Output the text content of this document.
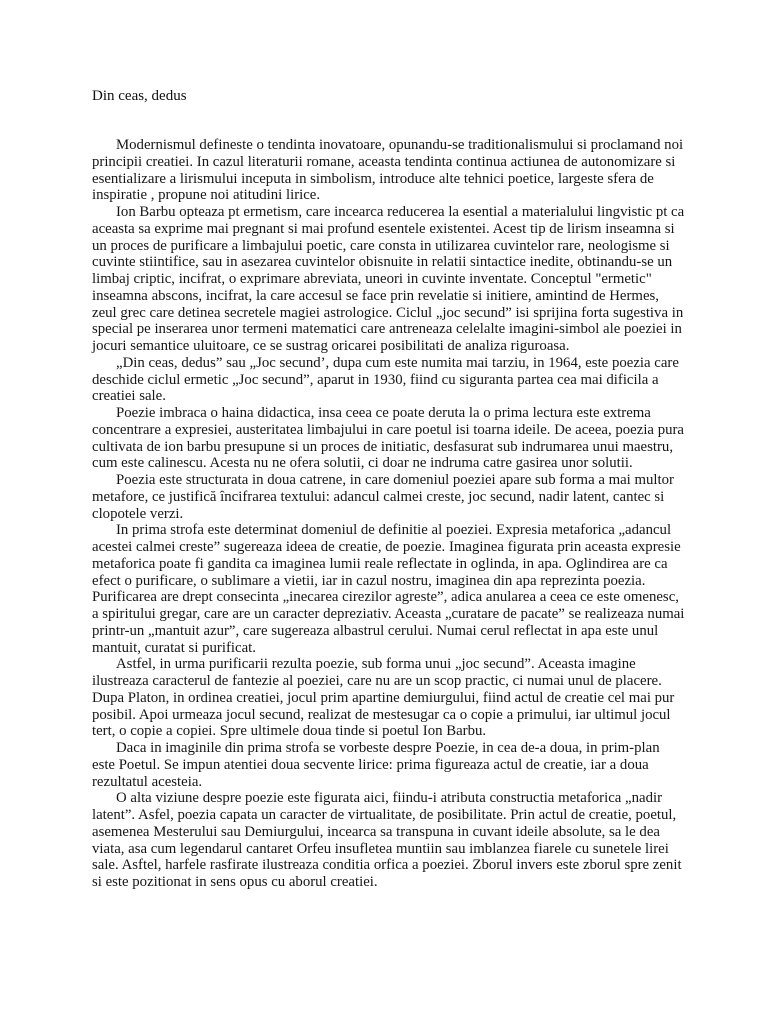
Din ceas, dedus

Modernismul defineste o tendinta inovatoare, opunandu-se traditionalismului si proclamand noi principii creatiei. In cazul literaturii romane, aceasta tendinta continua actiunea de autonomizare si esentializare a lirismului inceputa in simbolism, introduce alte tehnici poetice, largeste sfera de inspiratie , propune noi atitudini lirice.

Ion Barbu opteaza pt ermetism, care incearca reducerea la esential a materialului lingvistic pt ca aceasta sa exprime mai pregnant si mai profund esentele existentei. Acest tip de lirism inseamna si un proces de purificare a limbajului poetic, care consta in utilizarea cuvintelor rare, neologisme si cuvinte stiintifice, sau in asezarea cuvintelor obisnuite in relatii sintactice inedite, obtinandu-se un limbaj criptic, incifrat, o exprimare abreviata, uneori in cuvinte inventate. Conceptul "ermetic" inseamna abscons, incifrat, la care accesul se face prin revelatie si initiere, amintind de Hermes, zeul grec care detinea secretele magiei astrologice. Ciclul „joc secund” isi sprijina forta sugestiva in special pe inserarea unor termeni matematici care antreneaza celelalte imagini-simbol ale poeziei in jocuri semantice uluitoare, ce se sustrag oricarei posibilitati de analiza riguroasa.

„Din ceas, dedus” sau „Joc secund’, dupa cum este numita mai tarziu, in 1964, este poezia care deschide ciclul ermetic „Joc secund”, aparut in 1930, fiind cu siguranta partea cea mai dificila a creatiei sale.

Poezie imbraca o haina didactica, insa ceea ce poate deruta la o prima lectura este extrema concentrare a expresiei, austeritatea limbajului in care poetul isi toarna ideile. De aceea, poezia pura cultivata de ion barbu presupune si un proces de initiatic, desfasurat sub indrumarea unui maestru, cum este calinescu. Acesta nu ne ofera solutii, ci doar ne indruma catre gasirea unor solutii.

Poezia este structurata in doua catrene, in care domeniul poeziei apare sub forma a mai multor metafore, ce justifică încifrarea textului: adancul calmei creste, joc secund, nadir latent, cantec si clopotele verzi.

In prima strofa este determinat domeniul de definitie al poeziei. Expresia metaforica „adancul acestei calmei creste” sugereaza ideea de creatie, de poezie. Imaginea figurata prin aceasta expresie metaforica poate fi gandita ca imaginea lumii reale reflectate in oglinda, in apa. Oglindirea are ca efect o purificare, o sublimare a vietii, iar in cazul nostru, imaginea din apa reprezinta poezia. Purificarea are drept consecinta „inecarea cirezilor agreste”, adica anularea a ceea ce este omenesc, a spiritului gregar, care are un caracter depreziativ. Aceasta „curatare de pacate” se realizeaza numai printr-un „mantuit azur”, care sugereaza albastrul cerului. Numai cerul reflectat in apa este unul mantuit, curatat si purificat.

Astfel, in urma purificarii rezulta poezie, sub forma unui „joc secund”. Aceasta imagine ilustreaza caracterul de fantezie al poeziei, care nu are un scop practic, ci numai unul de placere. Dupa Platon, in ordinea creatiei, jocul prim apartine demiurgului, fiind actul de creatie cel mai pur posibil. Apoi urmeaza jocul secund, realizat de mestesugar ca o copie a primului, iar ultimul jocul tert, o copie a copiei. Spre ultimele doua tinde si poetul Ion Barbu.

Daca in imaginile din prima strofa se vorbeste despre Poezie, in cea de-a doua, in prim-plan este Poetul. Se impun atentiei doua secvente lirice: prima figureaza actul de creatie, iar a doua rezultatul acesteia.

O alta viziune despre poezie este figurata aici, fiindu-i atributa constructia metaforica „nadir latent”. Asfel, poezia capata un caracter de virtualitate, de posibilitate. Prin actul de creatie, poetul, asemenea Mesterului sau Demiurgului, incearca sa transpuna in cuvant ideile absolute, sa le dea viata, asa cum legendarul cantaret Orfeu insufletea muntiin sau imblanzea fiarele cu sunetele lirei sale. Asftel, harfele rasfirate ilustreaza conditia orfica a poeziei. Zborul invers este zborul spre zenit si este pozitionat in sens opus cu aborul creatiei.
